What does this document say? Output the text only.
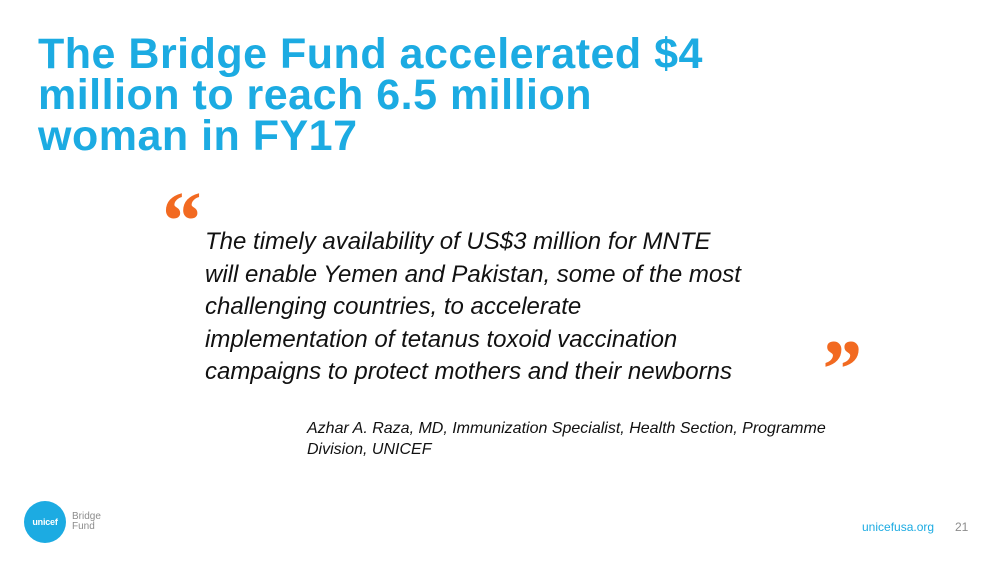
The Bridge Fund accelerated $4
million to reach 6.5 million
woman in FY17
“ The timely availability of US$3 million for MNTE
will enable Yemen and Pakistan, some of the most
challenging countries, to accelerate
implementation of tetanus toxoid vaccination
campaigns to protect mothers and their newborns	”
Azhar A. Raza, MD, Immunization Specialist, Health Section, Programme
Division, UNICEF
unicef Bridge
Fund	unicefusa.org 21
